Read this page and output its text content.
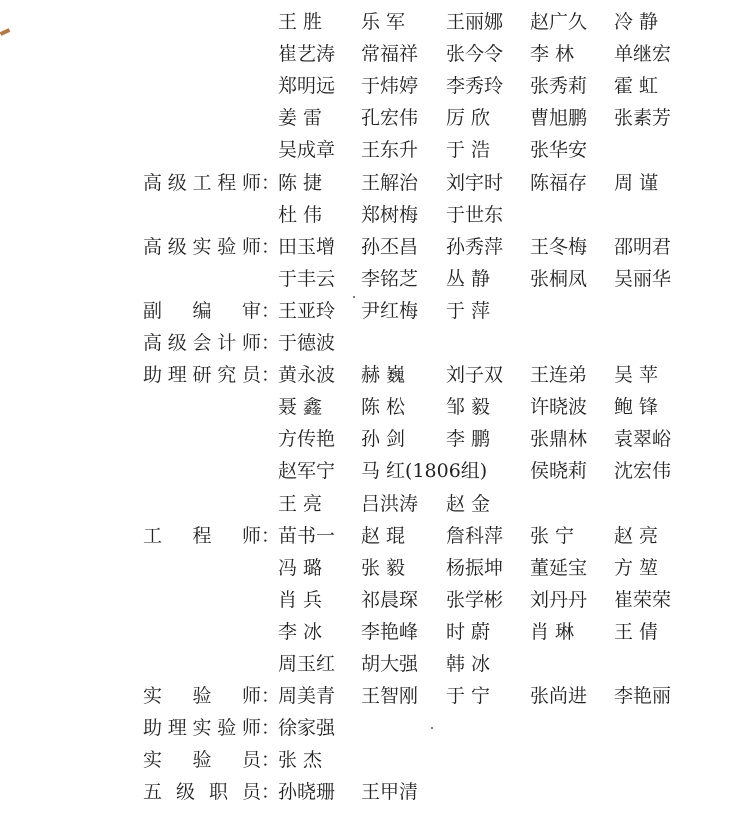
王 胜 乐 军 王丽娜 赵广久 冷 静
崔艺涛 常福祥 张今令 李 林 单继宏
郑明远 于炜婷 李秀玲 张秀莉 霍 虹
姜 雷 孔宏伟 厉 欣 曹旭鹏 张素芳
吴成章 王东升 于 浩 张华安
高 级 工 程 师 ：
陈 捷 王解治 刘宇时 陈福存 周 谨
杜 伟 郑树梅 于世东
高 级 实 验 师 ：
田玉增 孙丕昌 孙秀萍 王冬梅 邵明君
于丰云 李铭芝 丛 静 张桐凤 吴丽华
副 编 审 ：
王亚玲 尹红梅 于 萍
高 级 会 计 师 ：
于德波
助 理 研 究 员 ：
黄永波 赫 巍 刘子双 王连弟 吴 苹
聂 鑫 陈 松 邹 毅 许晓波 鲍 锋
方传艳 孙 剑 李 鹏 张鼎林 袁翠峪
赵军宁 马 红(1806组) 侯晓莉 沈宏伟
王 亮 吕洪涛 赵 金
工 程 师 ：
苗书一 赵 琨 詹科萍 张 宁 赵 亮
冯 璐 张 毅 杨振坤 董延宝 方 堃
肖 兵 祁晨琛 张学彬 刘丹丹 崔荣荣
李 冰 李艳峰 时 蔚 肖 琳 王 倩
周玉红 胡大强 韩 冰
实 验 师 ：
周美青 王智刚 于 宁 张尚进 李艳丽
助 理 实 验 师 ：
徐家强
实 验 员 ：
张 杰
五 级 职 员 ：
孙晓珊 王甲清
